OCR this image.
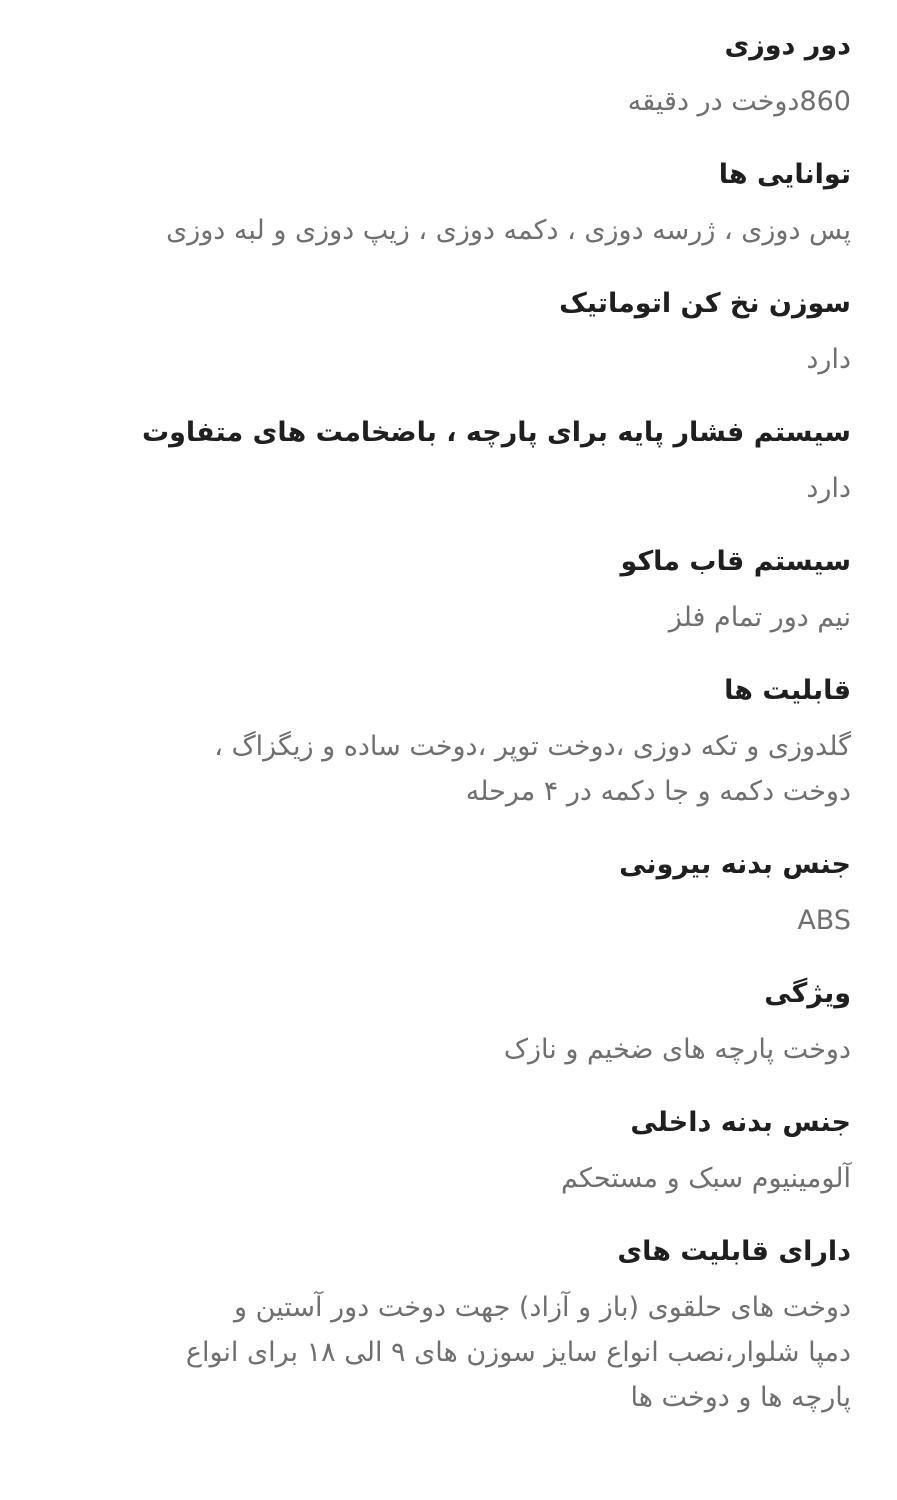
دور دوزی
860دوخت در دقیقه
توانایی ها
پس دوزی ، ژرسه دوزی ، دکمه دوزی ، زیپ دوزی و لبه دوزی
سوزن نخ کن اتوماتیک
دارد
سیستم فشار پایه برای پارچه ، باضخامت های متفاوت
دارد
سیستم قاب ماکو
نیم دور تمام فلز
قابلیت ها
گلدوزی و تکه دوزی ،دوخت توپر ،دوخت ساده و زیگزاگ ،
دوخت دکمه و جا دکمه در ۴ مرحله
جنس بدنه بیرونی
ABS
ویژگی
دوخت پارچه های ضخیم و نازک
جنس بدنه داخلی
آلومینیوم سبک و مستحکم
دارای قابلیت های
دوخت های حلقوی (باز و آزاد) جهت دوخت دور آستین و
دمپا شلوار،نصب انواع سایز سوزن های ۹ الی ۱۸ برای انواع
پارچه ها و دوخت ها
